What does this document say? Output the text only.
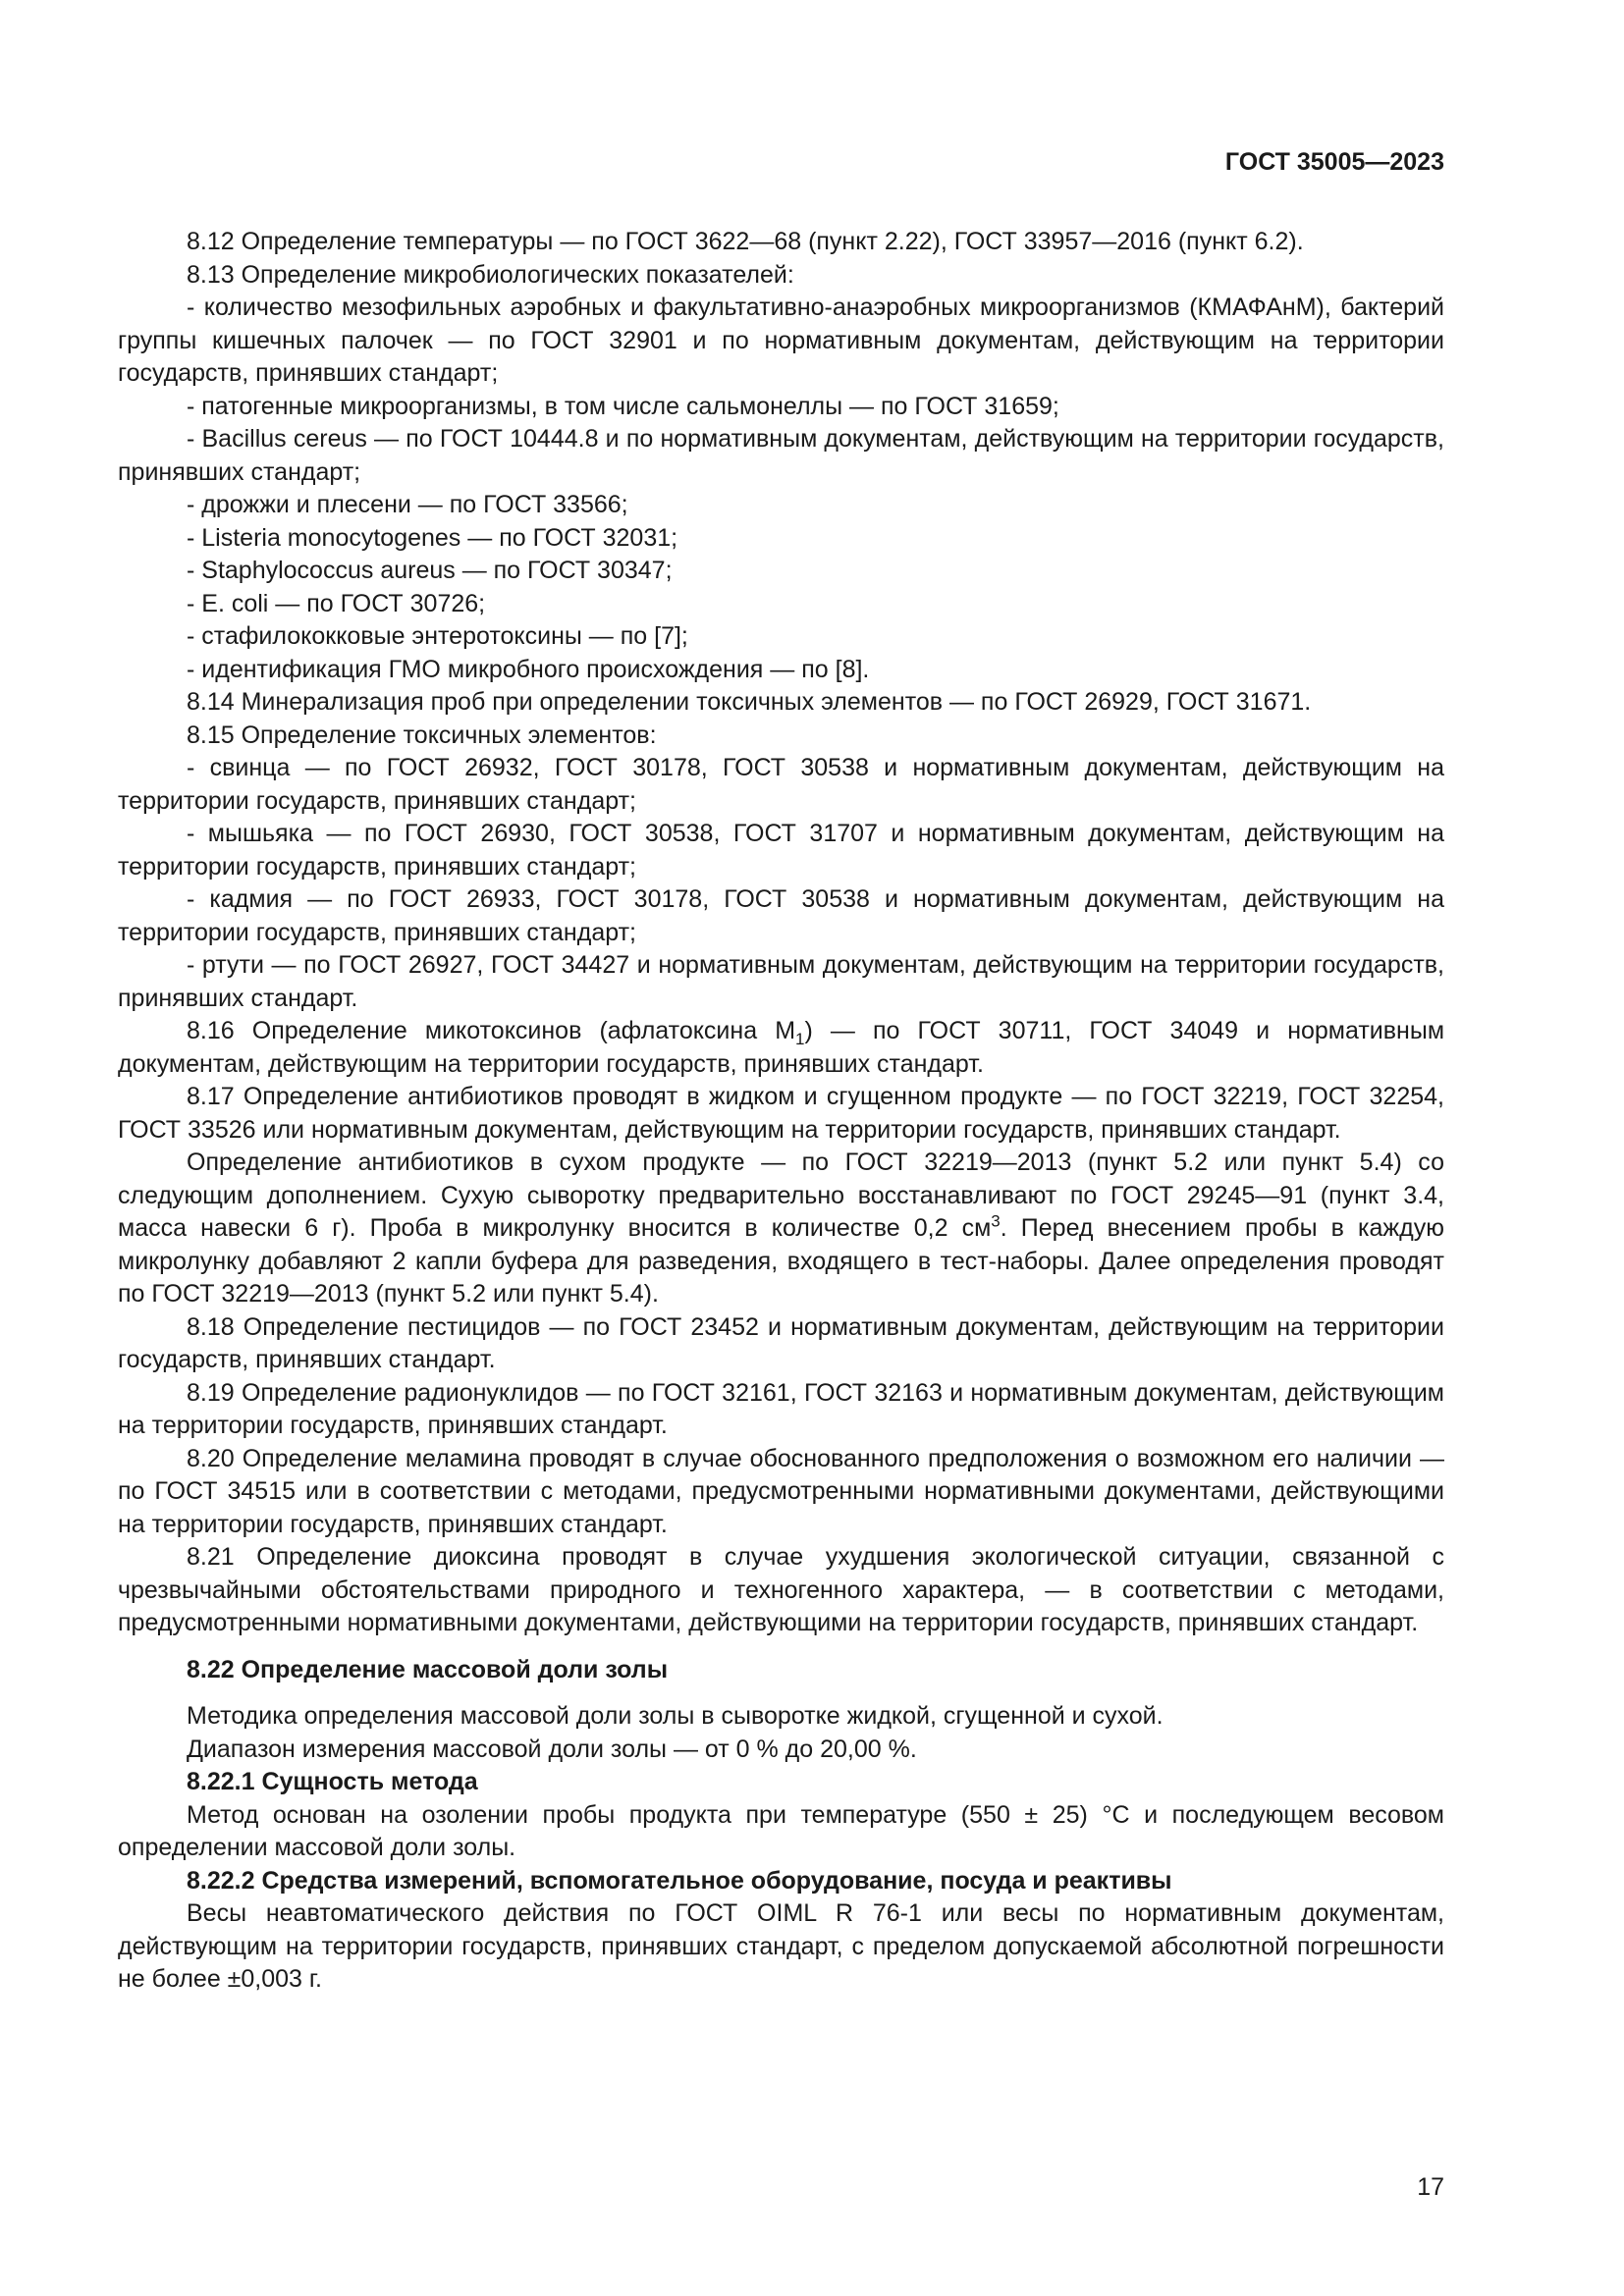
ГОСТ 35005—2023

8.12 Определение температуры — по ГОСТ 3622—68 (пункт 2.22), ГОСТ 33957—2016 (пункт 6.2).

8.13 Определение микробиологических показателей:

- количество мезофильных аэробных и факультативно-анаэробных микроорганизмов (КМАФАнМ), бактерий группы кишечных палочек — по ГОСТ 32901 и по нормативным документам, действующим на территории государств, принявших стандарт;

- патогенные микроорганизмы, в том числе сальмонеллы — по ГОСТ 31659;

- Bacillus cereus — по ГОСТ 10444.8 и по нормативным документам, действующим на территории государств, принявших стандарт;

- дрожжи и плесени — по ГОСТ 33566;

- Listeria monocytogenes — по ГОСТ 32031;

- Staphylococcus aureus — по ГОСТ 30347;

- E. coli — по ГОСТ 30726;

- стафилококковые энтеротоксины — по [7];

- идентификация ГМО микробного происхождения — по [8].

8.14 Минерализация проб при определении токсичных элементов — по ГОСТ 26929, ГОСТ 31671.

8.15 Определение токсичных элементов:

- свинца — по ГОСТ 26932, ГОСТ 30178, ГОСТ 30538 и нормативным документам, действующим на территории государств, принявших стандарт;

- мышьяка — по ГОСТ 26930, ГОСТ 30538, ГОСТ 31707 и нормативным документам, действующим на территории государств, принявших стандарт;

- кадмия — по ГОСТ 26933, ГОСТ 30178, ГОСТ 30538 и нормативным документам, действующим на территории государств, принявших стандарт;

- ртути — по ГОСТ 26927, ГОСТ 34427 и нормативным документам, действующим на территории государств, принявших стандарт.

8.16 Определение микотоксинов (афлатоксина $M_1$) — по ГОСТ 30711, ГОСТ 34049 и нормативным документам, действующим на территории государств, принявших стандарт.

8.17 Определение антибиотиков проводят в жидком и сгущенном продукте — по ГОСТ 32219, ГОСТ 32254, ГОСТ 33526 или нормативным документам, действующим на территории государств, принявших стандарт.

Определение антибиотиков в сухом продукте — по ГОСТ 32219—2013 (пункт 5.2 или пункт 5.4) со следующим дополнением. Сухую сыворотку предварительно восстанавливают по ГОСТ 29245—91 (пункт 3.4, масса навески 6 г). Проба в микролунку вносится в количестве 0,2 $см^3$. Перед внесением пробы в каждую микролунку добавляют 2 капли буфера для разведения, входящего в тест-наборы. Далее определения проводят по ГОСТ 32219—2013 (пункт 5.2 или пункт 5.4).

8.18 Определение пестицидов — по ГОСТ 23452 и нормативным документам, действующим на территории государств, принявших стандарт.

8.19 Определение радионуклидов — по ГОСТ 32161, ГОСТ 32163 и нормативным документам, действующим на территории государств, принявших стандарт.

8.20 Определение меламина проводят в случае обоснованного предположения о возможном его наличии — по ГОСТ 34515 или в соответствии с методами, предусмотренными нормативными документами, действующими на территории государств, принявших стандарт.

8.21 Определение диоксина проводят в случае ухудшения экологической ситуации, связанной с чрезвычайными обстоятельствами природного и техногенного характера, — в соответствии с методами, предусмотренными нормативными документами, действующими на территории государств, принявших стандарт.

8.22 Определение массовой доли золы

Методика определения массовой доли золы в сыворотке жидкой, сгущенной и сухой.

Диапазон измерения массовой доли золы — от 0 % до 20,00 %.

8.22.1 Сущность метода

Метод основан на озолении пробы продукта при температуре (550 ± 25) °С и последующем весовом определении массовой доли золы.

8.22.2 Средства измерений, вспомогательное оборудование, посуда и реактивы

Весы неавтоматического действия по ГОСТ OIML R 76-1 или весы по нормативным документам, действующим на территории государств, принявших стандарт, с пределом допускаемой абсолютной погрешности не более ±0,003 г.

17
